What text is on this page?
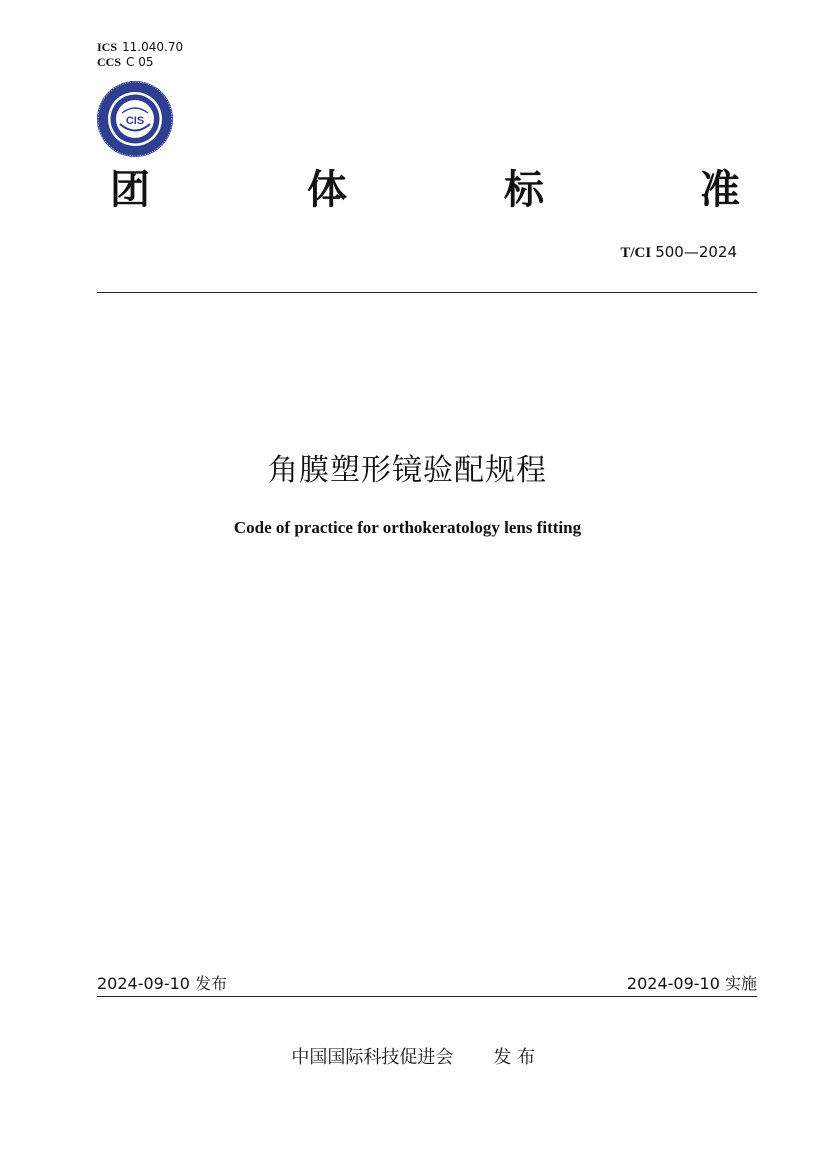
ICS 11.040.70
CCS C 05
CIS
团	体	标	准
T/CI 500—2024
角膜塑形镜验配规程
Code of practice for orthokeratology lens fitting
2024-09-10 发布	2024-09-10 实施

中国国际科技促进会 发 布
